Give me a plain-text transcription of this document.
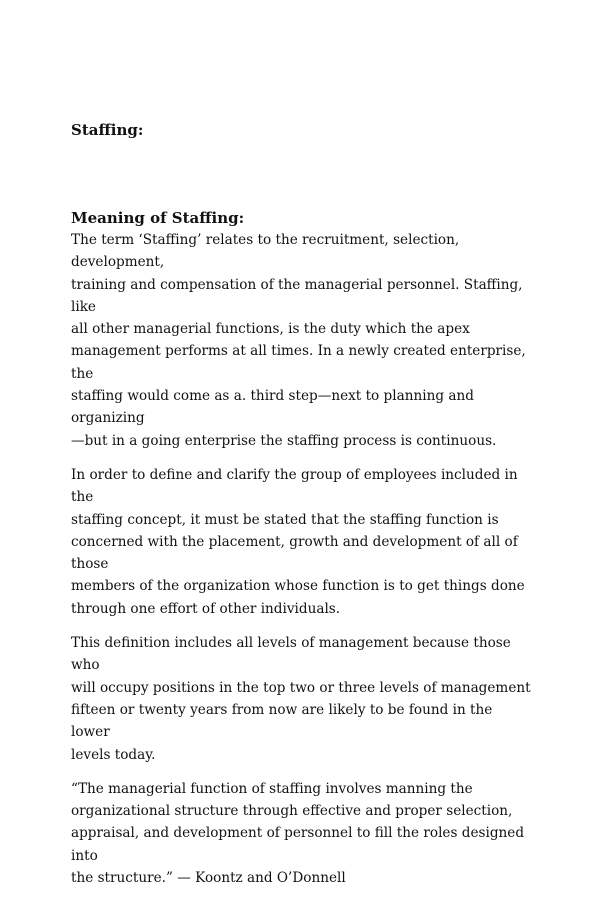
Staffing:
Meaning of Staffing:

The term ‘Staffing’ relates to the recruitment, selection, development,
training and compensation of the managerial personnel. Staffing, like
all other managerial functions, is the duty which the apex
management performs at all times. In a newly created enterprise, the
staffing would come as a. third step—next to planning and organizing
—but in a going enterprise the staffing process is continuous.

In order to define and clarify the group of employees included in the
staffing concept, it must be stated that the staffing function is
concerned with the placement, growth and development of all of those
members of the organization whose function is to get things done
through one effort of other individuals.

This definition includes all levels of management because those who
will occupy positions in the top two or three levels of management
fifteen or twenty years from now are likely to be found in the lower
levels today.

“The managerial function of staffing involves manning the
organizational structure through effective and proper selection,
appraisal, and development of personnel to fill the roles designed into
the structure.” — Koontz and O’Donnell
